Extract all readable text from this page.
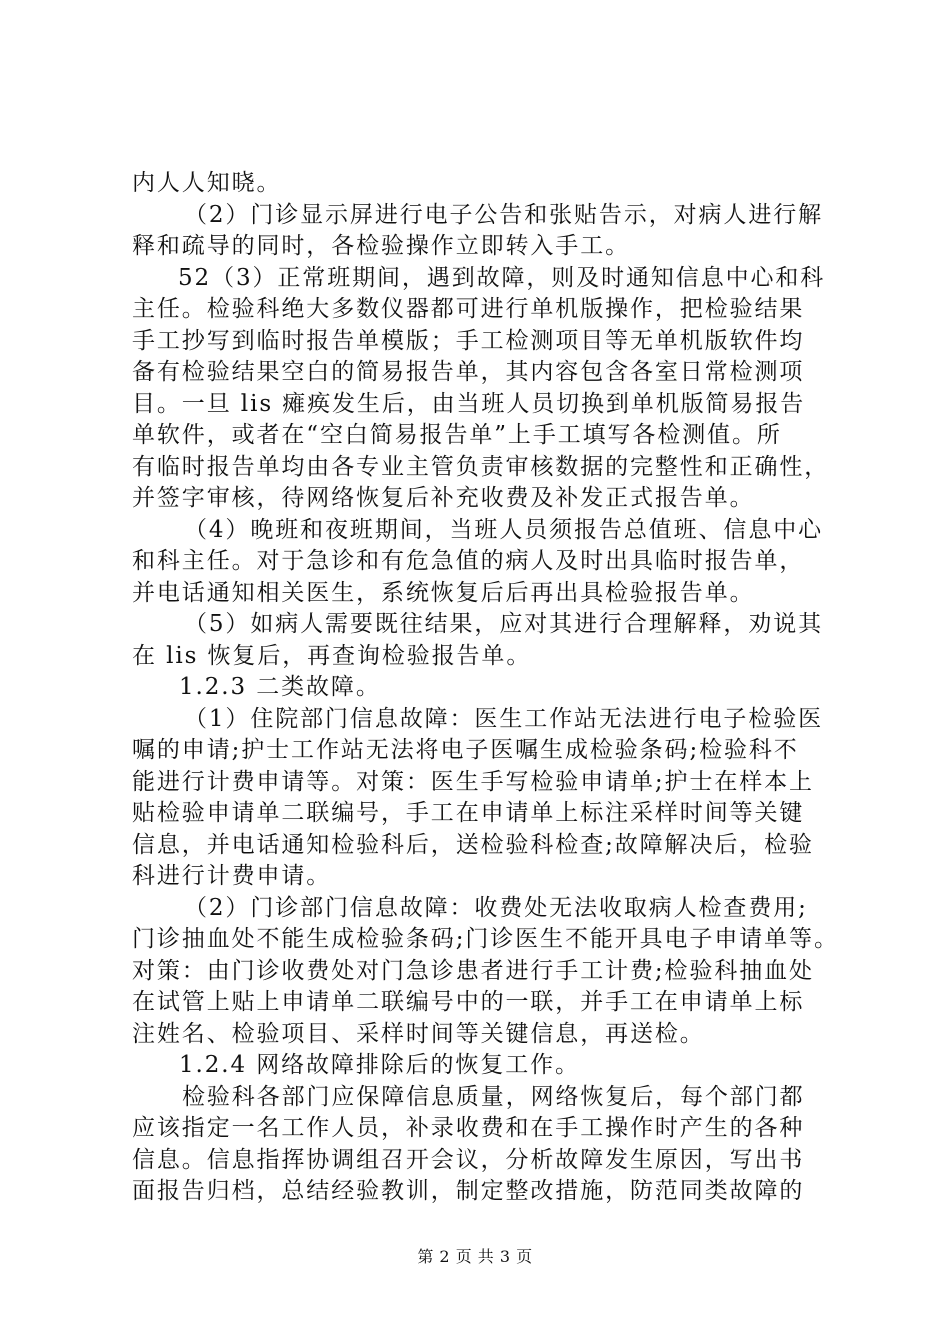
内人人知晓。
（2）门诊显示屏进行电子公告和张贴告示，对病人进行解
释和疏导的同时，各检验操作立即转入手工。
52（3）正常班期间，遇到故障，则及时通知信息中心和科
主任。检验科绝大多数仪器都可进行单机版操作，把检验结果
手工抄写到临时报告单模版；手工检测项目等无单机版软件均
备有检验结果空白的简易报告单，其内容包含各室日常检测项
目。一旦 lis 瘫痪发生后，由当班人员切换到单机版简易报告
单软件，或者在“空白简易报告单”上手工填写各检测值。所
有临时报告单均由各专业主管负责审核数据的完整性和正确性，
并签字审核，待网络恢复后补充收费及补发正式报告单。
（4）晚班和夜班期间，当班人员须报告总值班、信息中心
和科主任。对于急诊和有危急值的病人及时出具临时报告单，
并电话通知相关医生，系统恢复后后再出具检验报告单。
（5）如病人需要既往结果，应对其进行合理解释，劝说其
在 lis 恢复后，再查询检验报告单。
1.2.3 二类故障。
（1）住院部门信息故障：医生工作站无法进行电子检验医
嘱的申请;护士工作站无法将电子医嘱生成检验条码;检验科不
能进行计费申请等。对策：医生手写检验申请单;护士在样本上
贴检验申请单二联编号，手工在申请单上标注采样时间等关键
信息，并电话通知检验科后，送检验科检查;故障解决后，检验
科进行计费申请。
（2）门诊部门信息故障：收费处无法收取病人检查费用;
门诊抽血处不能生成检验条码;门诊医生不能开具电子申请单等。
对策：由门诊收费处对门急诊患者进行手工计费;检验科抽血处
在试管上贴上申请单二联编号中的一联，并手工在申请单上标
注姓名、检验项目、采样时间等关键信息，再送检。
1.2.4 网络故障排除后的恢复工作。
检验科各部门应保障信息质量，网络恢复后，每个部门都
应该指定一名工作人员，补录收费和在手工操作时产生的各种
信息。信息指挥协调组召开会议，分析故障发生原因，写出书
面报告归档，总结经验教训，制定整改措施，防范同类故障的
第 2 页 共 3 页
